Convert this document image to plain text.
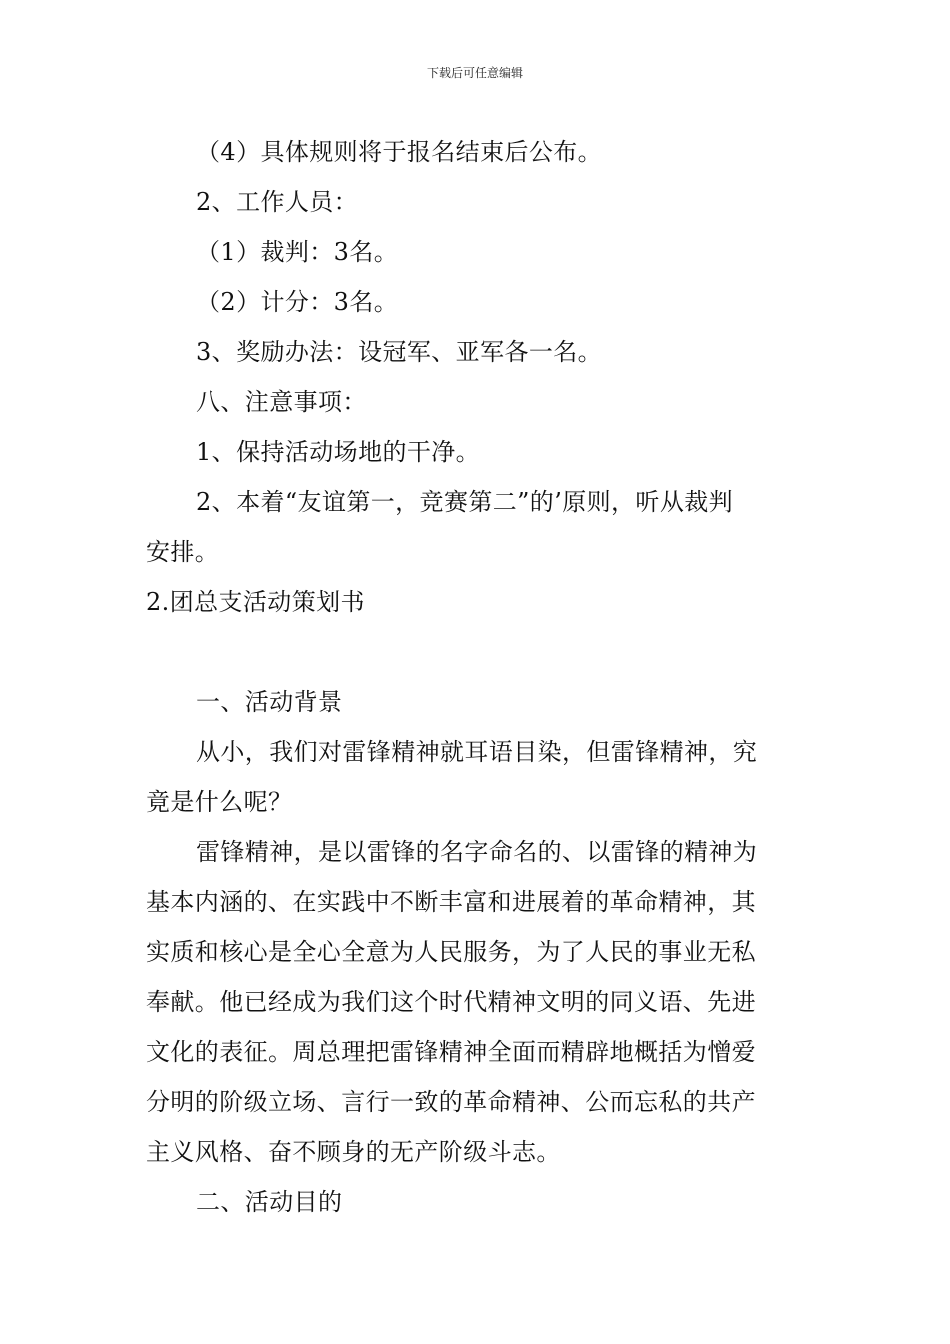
下载后可任意编辑
（4）具体规则将于报名结束后公布。
2、工作人员：
（1）裁判：3名。
（2）计分：3名。
3、奖励办法：设冠军、亚军各一名。
八、注意事项：
1、保持活动场地的干净。
2、本着“友谊第一，竞赛第二”的’原则，听从裁判
安排。
2.团总支活动策划书
一、活动背景
从小，我们对雷锋精神就耳语目染，但雷锋精神，究
竟是什么呢？
雷锋精神，是以雷锋的名字命名的、以雷锋的精神为
基本内涵的、在实践中不断丰富和进展着的革命精神，其
实质和核心是全心全意为人民服务，为了人民的事业无私
奉献。他已经成为我们这个时代精神文明的同义语、先进
文化的表征。周总理把雷锋精神全面而精辟地概括为憎爱
分明的阶级立场、言行一致的革命精神、公而忘私的共产
主义风格、奋不顾身的无产阶级斗志。
二、活动目的
